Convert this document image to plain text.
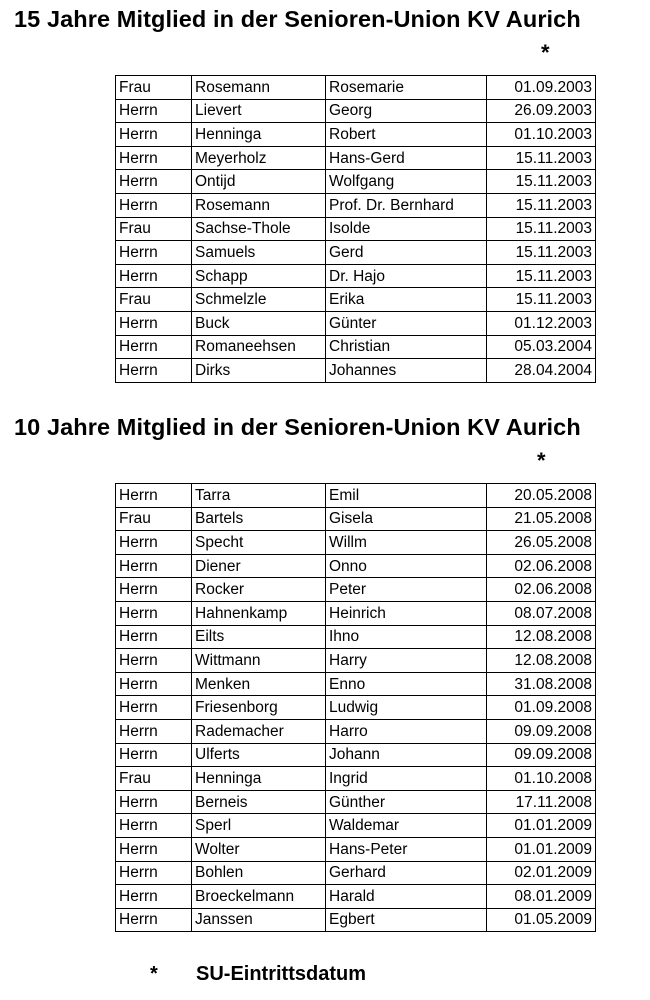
15 Jahre Mitglied in der Senioren-Union KV Aurich
*
Frau	Rosemann	Rosemarie	01.09.2003
Herrn	Lievert	Georg	26.09.2003
Herrn	Henninga	Robert	01.10.2003
Herrn	Meyerholz	Hans-Gerd	15.11.2003
Herrn	Ontijd	Wolfgang	15.11.2003
Herrn	Rosemann	Prof. Dr. Bernhard	15.11.2003
Frau	Sachse-Thole	Isolde	15.11.2003
Herrn	Samuels	Gerd	15.11.2003
Herrn	Schapp	Dr. Hajo	15.11.2003
Frau	Schmelzle	Erika	15.11.2003
Herrn	Buck	Günter	01.12.2003
Herrn	Romaneehsen	Christian	05.03.2004
Herrn	Dirks	Johannes	28.04.2004
10 Jahre Mitglied in der Senioren-Union KV Aurich
*
Herrn	Tarra	Emil	20.05.2008
Frau	Bartels	Gisela	21.05.2008
Herrn	Specht	Willm	26.05.2008
Herrn	Diener	Onno	02.06.2008
Herrn	Rocker	Peter	02.06.2008
Herrn	Hahnenkamp	Heinrich	08.07.2008
Herrn	Eilts	Ihno	12.08.2008
Herrn	Wittmann	Harry	12.08.2008
Herrn	Menken	Enno	31.08.2008
Herrn	Friesenborg	Ludwig	01.09.2008
Herrn	Rademacher	Harro	09.09.2008
Herrn	Ulferts	Johann	09.09.2008
Frau	Henninga	Ingrid	01.10.2008
Herrn	Berneis	Günther	17.11.2008
Herrn	Sperl	Waldemar	01.01.2009
Herrn	Wolter	Hans-Peter	01.01.2009
Herrn	Bohlen	Gerhard	02.01.2009
Herrn	Broeckelmann	Harald	08.01.2009
Herrn	Janssen	Egbert	01.05.2009
* SU-Eintrittsdatum
